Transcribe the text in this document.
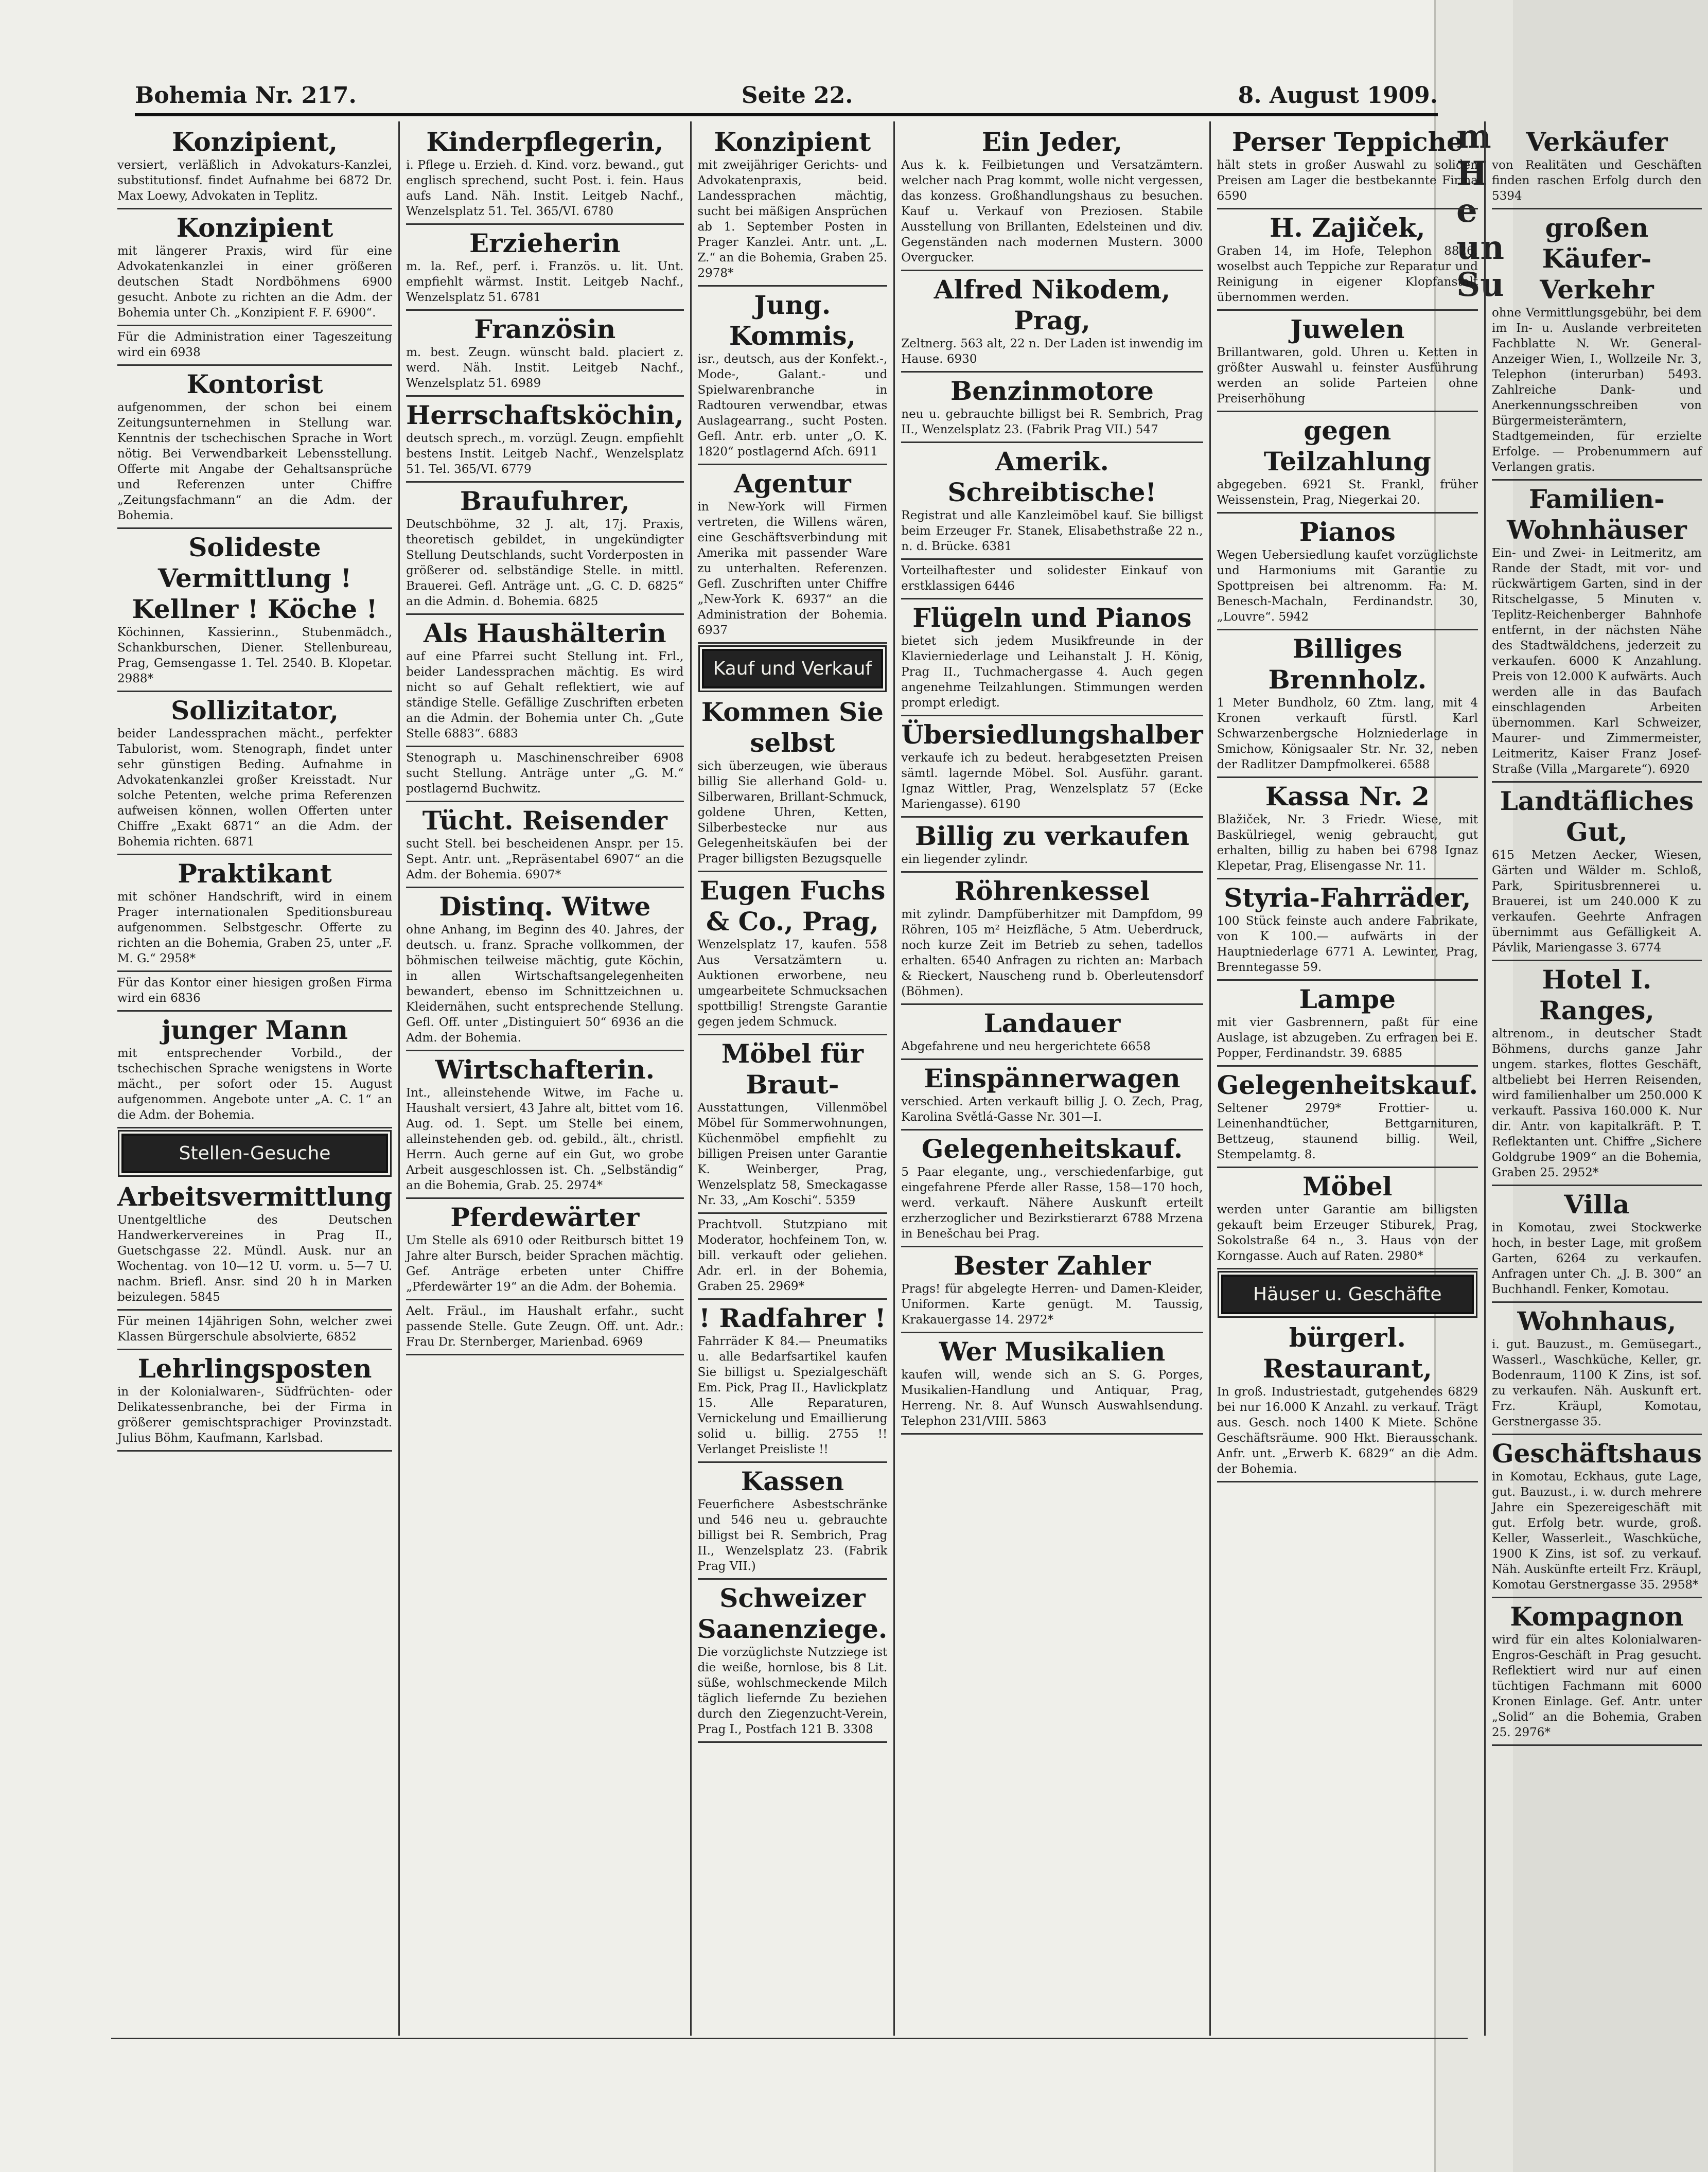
m
He
un
Su
Bohemia Nr. 217.	Seite 22.	8. August 1909.
Konzipient,
versiert, verläßlich in Advokaturs-Kanzlei, substitutionsf. findet Aufnahme bei 6872 Dr. Max Loewy, Advokaten in Teplitz.
Konzipient
mit längerer Praxis, wird für eine Advokatenkanzlei in einer größeren deutschen Stadt Nordböhmens 6900 gesucht. Anbote zu richten an die Adm. der Bohemia unter Ch. „Konzipient F. F. 6900“.
Für die Administration einer Tageszeitung wird ein 6938
Kontorist
aufgenommen, der schon bei einem Zeitungsunternehmen in Stellung war. Kenntnis der tschechischen Sprache in Wort nötig. Bei Verwendbarkeit Lebensstellung. Offerte mit Angabe der Gehaltsansprüche und Referenzen unter Chiffre „Zeitungsfachmann“ an die Adm. der Bohemia.
Solideste Vermittlung ! Kellner ! Köche !
Köchinnen, Kassierinn., Stubenmädch., Schankburschen, Diener. Stellenbureau, Prag, Gemsengasse 1. Tel. 2540. B. Klopetar. 2988*
Sollizitator,
beider Landessprachen mächt., perfekter Tabulorist, wom. Stenograph, findet unter sehr günstigen Beding. Aufnahme in Advokatenkanzlei großer Kreisstadt. Nur solche Petenten, welche prima Referenzen aufweisen können, wollen Offerten unter Chiffre „Exakt 6871“ an die Adm. der Bohemia richten. 6871
Praktikant
mit schöner Handschrift, wird in einem Prager internationalen Speditionsbureau aufgenommen. Selbstgeschr. Offerte zu richten an die Bohemia, Graben 25, unter „F. M. G.“ 2958*
Für das Kontor einer hiesigen großen Firma wird ein 6836
junger Mann
mit entsprechender Vorbild., der tschechischen Sprache wenigstens in Worte mächt., per sofort oder 15. August aufgenommen. Angebote unter „A. C. 1“ an die Adm. der Bohemia.
Stellen-Gesuche
Arbeitsvermittlung
Unentgeltliche des Deutschen Handwerkervereines in Prag II., Guetschgasse 22. Mündl. Ausk. nur an Wochentag. von 10—12 U. vorm. u. 5—7 U. nachm. Briefl. Ansr. sind 20 h in Marken beizulegen. 5845
Für meinen 14jährigen Sohn, welcher zwei Klassen Bürgerschule absolvierte, 6852
Lehrlingsposten
in der Kolonialwaren-, Südfrüchten- oder Delikatessenbranche, bei der Firma in größerer gemischtsprachiger Provinzstadt. Julius Böhm, Kaufmann, Karlsbad.
Kinderpflegerin,
i. Pflege u. Erzieh. d. Kind. vorz. bewand., gut englisch sprechend, sucht Post. i. fein. Haus aufs Land. Näh. Instit. Leitgeb Nachf., Wenzelsplatz 51. Tel. 365/VI. 6780
Erzieherin
m. la. Ref., perf. i. Französ. u. lit. Unt. empfiehlt wärmst. Instit. Leitgeb Nachf., Wenzelsplatz 51. 6781
Französin
m. best. Zeugn. wünscht bald. placiert z. werd. Näh. Instit. Leitgeb Nachf., Wenzelsplatz 51. 6989
Herrschaftsköchin,
deutsch sprech., m. vorzügl. Zeugn. empfiehlt bestens Instit. Leitgeb Nachf., Wenzelsplatz 51. Tel. 365/VI. 6779
Braufuhrer,
Deutschböhme, 32 J. alt, 17j. Praxis, theoretisch gebildet, in ungekündigter Stellung Deutschlands, sucht Vorderposten in größerer od. selbständige Stelle. in mittl. Brauerei. Gefl. Anträge unt. „G. C. D. 6825“ an die Admin. d. Bohemia. 6825
Als Haushälterin
auf eine Pfarrei sucht Stellung int. Frl., beider Landessprachen mächtig. Es wird nicht so auf Gehalt reflektiert, wie auf ständige Stelle. Gefällige Zuschriften erbeten an die Admin. der Bohemia unter Ch. „Gute Stelle 6883“. 6883
Stenograph u. Maschinenschreiber 6908 sucht Stellung. Anträge unter „G. M.“ postlagernd Buchwitz.
Tücht. Reisender
sucht Stell. bei bescheidenen Anspr. per 15. Sept. Antr. unt. „Repräsentabel 6907“ an die Adm. der Bohemia. 6907*
Distinq. Witwe
ohne Anhang, im Beginn des 40. Jahres, der deutsch. u. franz. Sprache vollkommen, der böhmischen teilweise mächtig, gute Köchin, in allen Wirtschaftsangelegenheiten bewandert, ebenso im Schnittzeichnen u. Kleidernähen, sucht entsprechende Stellung. Gefl. Off. unter „Distinguiert 50“ 6936 an die Adm. der Bohemia.
Wirtschafterin.
Int., alleinstehende Witwe, im Fache u. Haushalt versiert, 43 Jahre alt, bittet vom 16. Aug. od. 1. Sept. um Stelle bei einem, alleinstehenden geb. od. gebild., ält., christl. Herrn. Auch gerne auf ein Gut, wo grobe Arbeit ausgeschlossen ist. Ch. „Selbständig“ an die Bohemia, Grab. 25. 2974*
Pferdewärter
Um Stelle als 6910 oder Reitbursch bittet 19 Jahre alter Bursch, beider Sprachen mächtig. Gef. Anträge erbeten unter Chiffre „Pferdewärter 19“ an die Adm. der Bohemia.
Aelt. Fräul., im Haushalt erfahr., sucht passende Stelle. Gute Zeugn. Off. unt. Adr.: Frau Dr. Sternberger, Marienbad. 6969
Konzipient
mit zweijähriger Gerichts- und Advokatenpraxis, beid. Landessprachen mächtig, sucht bei mäßigen Ansprüchen ab 1. September Posten in Prager Kanzlei. Antr. unt. „L. Z.“ an die Bohemia, Graben 25. 2978*
Jung. Kommis,
isr., deutsch, aus der Konfekt.-, Mode-, Galant.- und Spielwarenbranche in Radtouren verwendbar, etwas Auslagearrang., sucht Posten. Gefl. Antr. erb. unter „O. K. 1820“ postlagernd Aſch. 6911
Agentur
in New-York will Firmen vertreten, die Willens wären, eine Geschäftsverbindung mit Amerika mit passender Ware zu unterhalten. Referenzen. Gefl. Zuschriften unter Chiffre „New-York K. 6937“ an die Administration der Bohemia. 6937
Kauf und Verkauf
Kommen Sie selbst
sich überzeugen, wie überaus billig Sie allerhand Gold- u. Silberwaren, Brillant-Schmuck, goldene Uhren, Ketten, Silberbestecke nur aus Gelegenheitskäufen bei der Prager billigsten Bezugsquelle
Eugen Fuchs & Co., Prag,
Wenzelsplatz 17, kaufen. 558 Aus Versatzämtern u. Auktionen erworbene, neu umgearbeitete Schmucksachen spottbillig! Strengste Garantie gegen jedem Schmuck.
Möbel für Braut-
Ausstattungen, Villenmöbel Möbel für Sommerwohnungen, Küchenmöbel empfiehlt zu billigen Preisen unter Garantie K. Weinberger, Prag, Wenzelsplatz 58, Smeckagasse Nr. 33, „Am Koschi“. 5359
Prachtvoll. Stutzpiano mit Moderator, hochfeinem Ton, w. bill. verkauft oder geliehen. Adr. erl. in der Bohemia, Graben 25. 2969*
! Radfahrer !
Fahrräder K 84.— Pneumatiks u. alle Bedarfsartikel kaufen Sie billigst u. Spezialgeschäft Em. Pick, Prag II., Havlickplatz 15. Alle Reparaturen, Vernickelung und Emaillierung solid u. billig. 2755 !! Verlanget Preisliste !!
Kassen
Feuerfichere Asbestschränke und 546 neu u. gebrauchte billigst bei R. Sembrich, Prag II., Wenzelsplatz 23. (Fabrik Prag VII.)
Schweizer Saanenziege.
Die vorzüglichste Nutzziege ist die weiße, hornlose, bis 8 Lit. süße, wohlschmeckende Milch täglich liefernde Zu beziehen durch den Ziegenzucht-Verein, Prag I., Postfach 121 B. 3308
Ein Jeder,
Aus k. k. Feilbietungen und Versatzämtern. welcher nach Prag kommt, wolle nicht vergessen, das konzess. Großhandlungshaus zu besuchen. Kauf u. Verkauf von Preziosen. Stabile Ausstellung von Brillanten, Edelsteinen und div. Gegenständen nach modernen Mustern. 3000 Overgucker.
Alfred Nikodem, Prag,
Zeltnerg. 563 alt, 22 n. Der Laden ist inwendig im Hause. 6930
Benzinmotore
neu u. gebrauchte billigst bei R. Sembrich, Prag II., Wenzelsplatz 23. (Fabrik Prag VII.) 547
Amerik. Schreibtische!
Registrat und alle Kanzleimöbel kauf. Sie billigst beim Erzeuger Fr. Stanek, Elisabethstraße 22 n., n. d. Brücke. 6381
Vorteilhaftester und solidester Einkauf von erstklassigen 6446
Flügeln und Pianos
bietet sich jedem Musikfreunde in der Klavierniederlage und Leihanstalt J. H. König, Prag II., Tuchmachergasse 4. Auch gegen angenehme Teilzahlungen. Stimmungen werden prompt erledigt.
Übersiedlungshalber
verkaufe ich zu bedeut. herabgesetzten Preisen sämtl. lagernde Möbel. Sol. Ausführ. garant. Ignaz Wittler, Prag, Wenzelsplatz 57 (Ecke Mariengasse). 6190
Billig zu verkaufen
ein liegender zylindr.
Röhrenkessel
mit zylindr. Dampfüberhitzer mit Dampfdom, 99 Röhren, 105 m² Heizfläche, 5 Atm. Ueberdruck, noch kurze Zeit im Betrieb zu sehen, tadellos erhalten. 6540 Anfragen zu richten an: Marbach & Rieckert, Nauscheng rund b. Oberleutensdorf (Böhmen).
Landauer
Abgefahrene und neu hergerichtete 6658
Einspännerwagen
verschied. Arten verkauft billig J. O. Zech, Prag, Karolina Světlá-Gasse Nr. 301—I.
Gelegenheitskauf.
5 Paar elegante, ung., verschiedenfarbige, gut eingefahrene Pferde aller Rasse, 158—170 hoch, werd. verkauft. Nähere Auskunft erteilt erzherzoglicher und Bezirkstierarzt 6788 Mrzena in Benešchau bei Prag.
Bester Zahler
Prags! für abgelegte Herren- und Damen-Kleider, Uniformen. Karte genügt. M. Taussig, Krakauergasse 14. 2972*
Wer Musikalien
kaufen will, wende sich an S. G. Porges, Musikalien-Handlung und Antiquar, Prag, Herreng. Nr. 8. Auf Wunsch Auswahlsendung. Telephon 231/VIII. 5863
Perser Teppiche
hält stets in großer Auswahl zu soliden Preisen am Lager die bestbekannte Firma 6590
H. Zajiček,
Graben 14, im Hofe, Telephon 8826, woselbst auch Teppiche zur Reparatur und Reinigung in eigener Klopfanstalt übernommen werden.
Juwelen
Brillantwaren, gold. Uhren u. Ketten in größter Auswahl u. feinster Ausführung werden an solide Parteien ohne Preiserhöhung
gegen Teilzahlung
abgegeben. 6921 St. Frankl, früher Weissenstein, Prag, Niegerkai 20.
Pianos
Wegen Uebersiedlung kaufet vorzüglichste und Harmoniums mit Garantie zu Spottpreisen bei altrenomm. Fa: M. Benesch-Machaln, Ferdinandstr. 30, „Louvre“. 5942
Billiges Brennholz.
1 Meter Bundholz, 60 Ztm. lang, mit 4 Kronen verkauft fürstl. Karl Schwarzenbergsche Holzniederlage in Smichow, Königsaaler Str. Nr. 32, neben der Radlitzer Dampfmolkerei. 6588
Kassa Nr. 2
Blažiček, Nr. 3 Friedr. Wiese, mit Baskülriegel, wenig gebraucht, gut erhalten, billig zu haben bei 6798 Ignaz Klepetar, Prag, Elisengasse Nr. 11.
Styria-Fahrräder,
100 Stück feinste auch andere Fabrikate, von K 100.— aufwärts in der Hauptniederlage 6771 A. Lewinter, Prag, Brenntegasse 59.
Lampe
mit vier Gasbrennern, paßt für eine Auslage, ist abzugeben. Zu erfragen bei E. Popper, Ferdinandstr. 39. 6885
Gelegenheitskauf.
Seltener 2979* Frottier- u. Leinenhandtücher, Bettgarnituren, Bettzeug, staunend billig. Weil, Stempelamtg. 8.
Möbel
werden unter Garantie am billigsten gekauft beim Erzeuger Stiburek, Prag, Sokolstraße 64 n., 3. Haus von der Korngasse. Auch auf Raten. 2980*
Häuser u. Geschäfte
bürgerl. Restaurant,
In groß. Industriestadt, gutgehendes 6829 bei nur 16.000 K Anzahl. zu verkauf. Trägt aus. Gesch. noch 1400 K Miete. Schöne Geschäftsräume. 900 Hkt. Bierausschank. Anfr. unt. „Erwerb K. 6829“ an die Adm. der Bohemia.
Verkäufer
von Realitäten und Geschäften finden raschen Erfolg durch den 5394
großen Käufer-Verkehr
ohne Vermittlungsgebühr, bei dem im In- u. Auslande verbreiteten Fachblatte N. Wr. General-Anzeiger Wien, I., Wollzeile Nr. 3, Telephon (interurban) 5493. Zahlreiche Dank- und Anerkennungsschreiben von Bürgermeisterämtern, Stadtgemeinden, für erzielte Erfolge. — Probenummern auf Verlangen gratis.
Familien-Wohnhäuser
Ein- und Zwei- in Leitmeritz, am Rande der Stadt, mit vor- und rückwärtigem Garten, sind in der Ritschelgasse, 5 Minuten v. Teplitz-Reichenberger Bahnhofe entfernt, in der nächsten Nähe des Stadtwäldchens, jederzeit zu verkaufen. 6000 K Anzahlung. Preis von 12.000 K aufwärts. Auch werden alle in das Baufach einschlagenden Arbeiten übernommen. Karl Schweizer, Maurer- und Zimmermeister, Leitmeritz, Kaiser Franz Josef-Straße (Villa „Margarete“). 6920
Landtäfliches Gut,
615 Metzen Aecker, Wiesen, Gärten und Wälder m. Schloß, Park, Spiritusbrennerei u. Brauerei, ist um 240.000 K zu verkaufen. Geehrte Anfragen übernimmt aus Gefälligkeit A. Pávlik, Mariengasse 3. 6774
Hotel I. Ranges,
altrenom., in deutscher Stadt Böhmens, durchs ganze Jahr ungem. starkes, flottes Geschäft, altbeliebt bei Herren Reisenden, wird familienhalber um 250.000 K verkauft. Passiva 160.000 K. Nur dir. Antr. von kapitalkräft. P. T. Reflektanten unt. Chiffre „Sichere Goldgrube 1909“ an die Bohemia, Graben 25. 2952*
Villa
in Komotau, zwei Stockwerke hoch, in bester Lage, mit großem Garten, 6264 zu verkaufen. Anfragen unter Ch. „J. B. 300“ an Buchhandl. Fenker, Komotau.
Wohnhaus,
i. gut. Bauzust., m. Gemüsegart., Wasserl., Waschküche, Keller, gr. Bodenraum, 1100 K Zins, ist sof. zu verkaufen. Näh. Auskunft ert. Frz. Kräupl, Komotau, Gerstnergasse 35.
Geschäftshaus
in Komotau, Eckhaus, gute Lage, gut. Bauzust., i. w. durch mehrere Jahre ein Spezereigeschäft mit gut. Erfolg betr. wurde, groß. Keller, Wasserleit., Waschküche, 1900 K Zins, ist sof. zu verkauf. Näh. Auskünfte erteilt Frz. Kräupl, Komotau Gerstnergasse 35. 2958*
Kompagnon
wird für ein altes Kolonialwaren-Engros-Geschäft in Prag gesucht. Reflektiert wird nur auf einen tüchtigen Fachmann mit 6000 Kronen Einlage. Gef. Antr. unter „Solid“ an die Bohemia, Graben 25. 2976*
